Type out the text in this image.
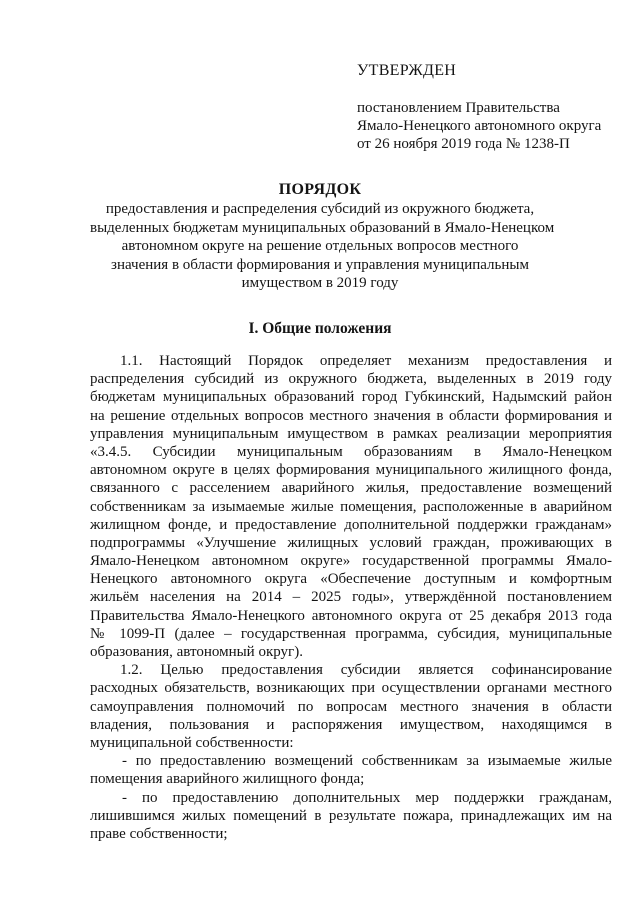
УТВЕРЖДЕН
постановлением Правительства
Ямало-Ненецкого автономного округа
от 26 ноября 2019 года № 1238-П
ПОРЯДОК
предоставления и распределения субсидий из окружного бюджета,
выделенных бюджетам муниципальных образований в Ямало-Ненецком
автономном округе на решение отдельных вопросов местного
значения в области формирования и управления муниципальным
имуществом в 2019 году
I. Общие положения
1.1. Настоящий Порядок определяет механизм предоставления и
распределения субсидий из окружного бюджета, выделенных в 2019 году
бюджетам муниципальных образований город Губкинский, Надымский район
на решение отдельных вопросов местного значения в области формирования и
управления муниципальным имуществом в рамках реализации мероприятия
«3.4.5. Субсидии муниципальным образованиям в Ямало-Ненецком
автономном округе в целях формирования муниципального жилищного фонда,
связанного с расселением аварийного жилья, предоставление возмещений
собственникам за изымаемые жилые помещения, расположенные в аварийном
жилищном фонде, и предоставление дополнительной поддержки гражданам»
подпрограммы «Улучшение жилищных условий граждан, проживающих в
Ямало-Ненецком автономном округе» государственной программы Ямало-
Ненецкого автономного округа «Обеспечение доступным и комфортным
жильём населения на 2014 – 2025 годы», утверждённой постановлением
Правительства Ямало-Ненецкого автономного округа от 25 декабря 2013 года
№ 1099-П (далее – государственная программа, субсидия, муниципальные
образования, автономный округ).
1.2. Целью предоставления субсидии является софинансирование
расходных обязательств, возникающих при осуществлении органами местного
самоуправления полномочий по вопросам местного значения в области
владения, пользования и распоряжения имуществом, находящимся в
муниципальной собственности:
- по предоставлению возмещений собственникам за изымаемые жилые
помещения аварийного жилищного фонда;
- по предоставлению дополнительных мер поддержки гражданам,
лишившимся жилых помещений в результате пожара, принадлежащих им на
праве собственности;
